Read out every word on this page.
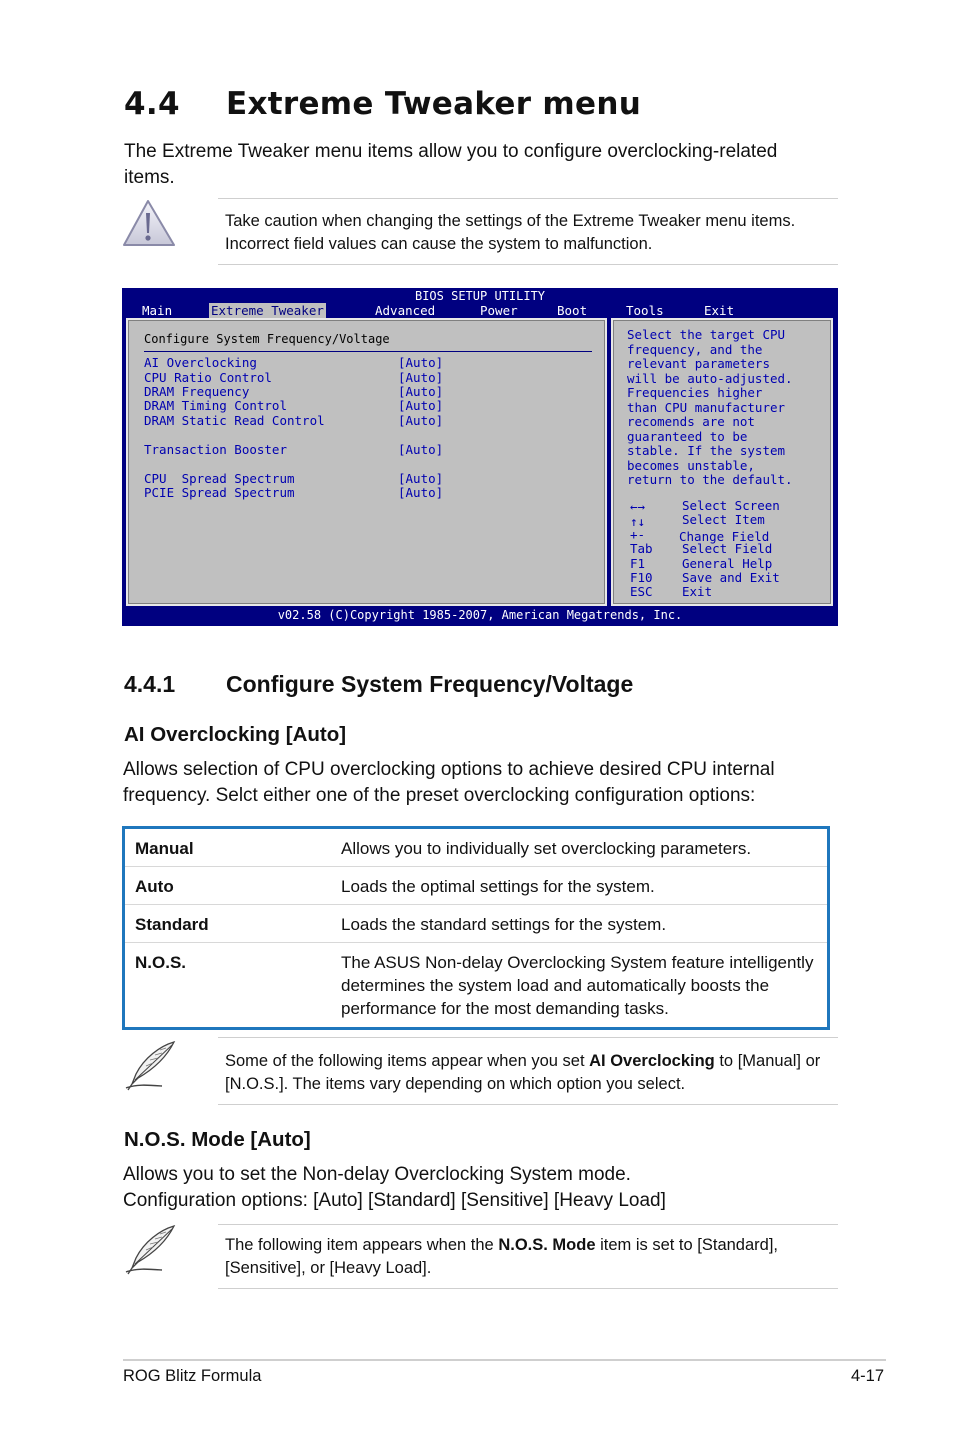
4.4 Extreme Tweaker menu
The Extreme Tweaker menu items allow you to configure overclocking-related items.
Take caution when changing the settings of the Extreme Tweaker menu items.
Incorrect field values can cause the system to malfunction.
BIOS SETUP UTILITY
Main	Extreme Tweaker	Advanced	Power	Boot	Tools	Exit
Configure System Frequency/Voltage
AI Overclocking	[Auto]
CPU Ratio Control	[Auto]
DRAM Frequency	[Auto]
DRAM Timing Control	[Auto]
DRAM Static Read Control	[Auto]
Transaction Booster	[Auto]
CPU  Spread Spectrum	[Auto]
PCIE Spread Spectrum	[Auto]
Select the target CPU
frequency, and the
relevant parameters
will be auto-adjusted.
Frequencies higher
than CPU manufacturer
recomends are not
guaranteed to be
stable. If the system
becomes unstable,
return to the default.
←→	Select Screen
↑↓	Select Item
+-	Change Field
Tab Select Field
F1	General Help
F10 Save and Exit
ESC Exit
v02.58 (C)Copyright 1985-2007, American Megatrends, Inc.
4.4.1 Configure System Frequency/Voltage
AI Overclocking [Auto]
Allows selection of CPU overclocking options to achieve desired CPU internal frequency. Selct either one of the preset overclocking configuration options:
Manual	Allows you to individually set overclocking parameters.
Auto	Loads the optimal settings for the system.
Standard	Loads the standard settings for the system.
N.O.S.	The ASUS Non-delay Overclocking System feature intelligently determines the system load and automatically boosts the performance for the most demanding tasks.
Some of the following items appear when you set AI Overclocking to [Manual] or [N.O.S.]. The items vary depending on which option you select.
N.O.S. Mode [Auto]
Allows you to set the Non-delay Overclocking System mode.
Configuration options: [Auto] [Standard] [Sensitive] [Heavy Load]
The following item appears when the N.O.S. Mode item is set to [Standard], [Sensitive], or [Heavy Load].
ROG Blitz Formula	4-17
